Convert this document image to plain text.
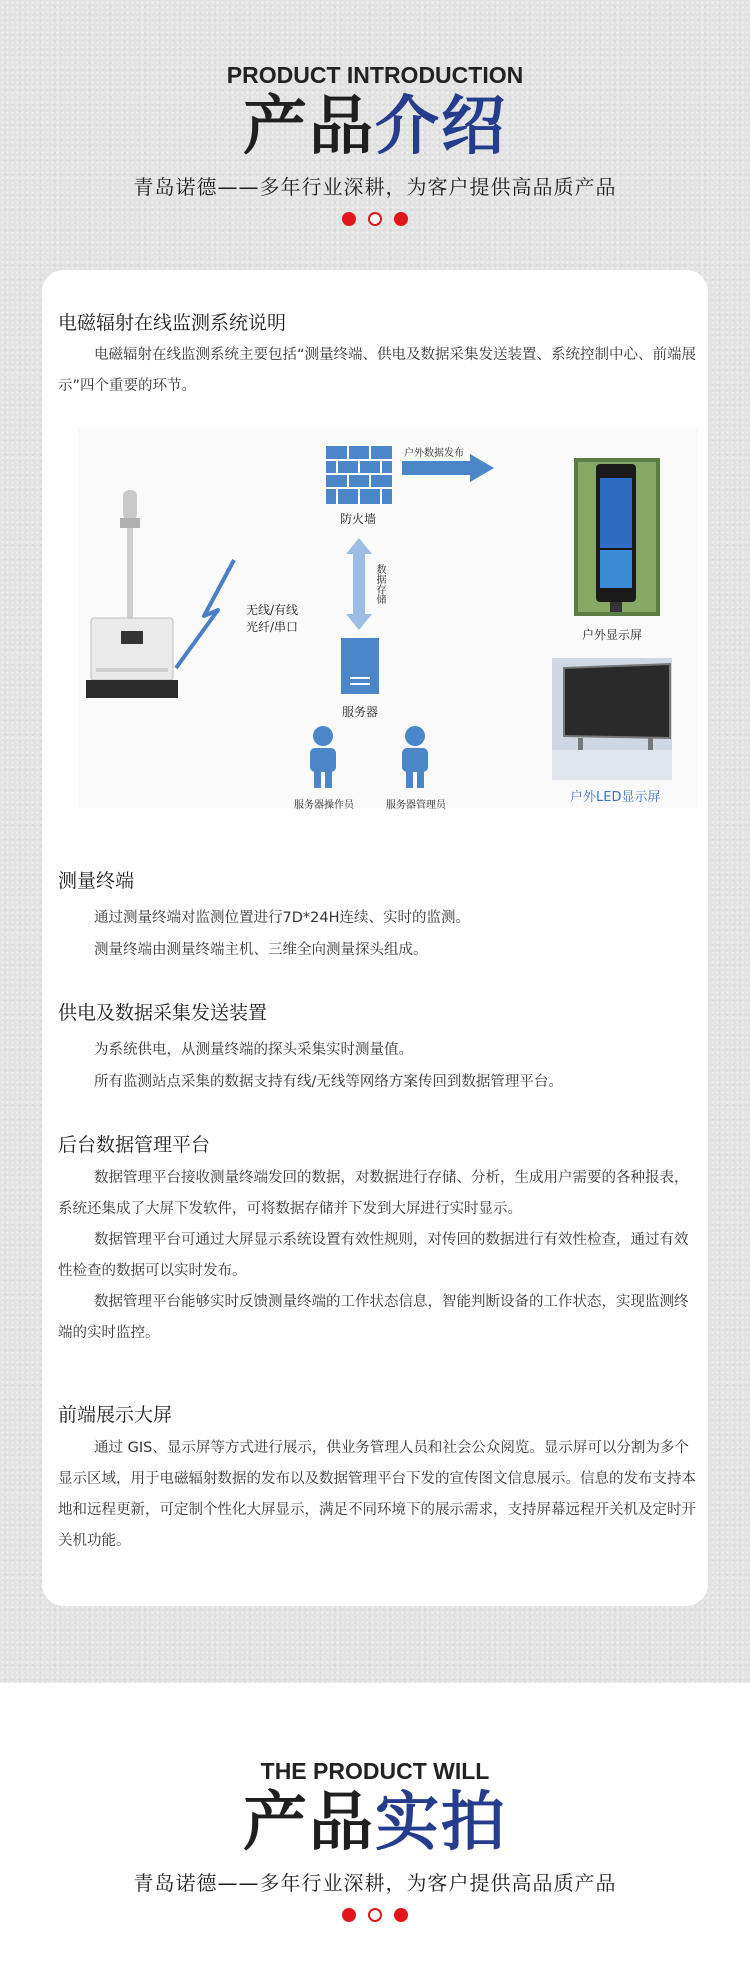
PRODUCT INTRODUCTION
产品介绍
青岛诺德——多年行业深耕，为客户提供高品质产品
电磁辐射在线监测系统说明
电磁辐射在线监测系统主要包括“测量终端、供电及数据采集发送装置、系统控制中心、前端展示”四个重要的环节。
防火墙
户外数据发布
无线/有线
光纤/串口
数据存储
服务器
服务器操作员	服务器管理员
户外显示屏
户外LED显示屏
测量终端
通过测量终端对监测位置进行7D*24H连续、实时的监测。
测量终端由测量终端主机、三维全向测量探头组成。
供电及数据采集发送装置
为系统供电，从测量终端的探头采集实时测量值。
所有监测站点采集的数据支持有线/无线等网络方案传回到数据管理平台。
后台数据管理平台
数据管理平台接收测量终端发回的数据，对数据进行存储、分析，生成用户需要的各种报表，系统还集成了大屏下发软件，可将数据存储并下发到大屏进行实时显示。
数据管理平台可通过大屏显示系统设置有效性规则，对传回的数据进行有效性检查，通过有效性检查的数据可以实时发布。
数据管理平台能够实时反馈测量终端的工作状态信息，智能判断设备的工作状态，实现监测终端的实时监控。
前端展示大屏
通过 GIS、显示屏等方式进行展示，供业务管理人员和社会公众阅览。显示屏可以分割为多个显示区域，用于电磁辐射数据的发布以及数据管理平台下发的宣传图文信息展示。信息的发布支持本地和远程更新，可定制个性化大屏显示，满足不同环境下的展示需求，支持屏幕远程开关机及定时开关机功能。
THE PRODUCT WILL
产品实拍
青岛诺德——多年行业深耕，为客户提供高品质产品
